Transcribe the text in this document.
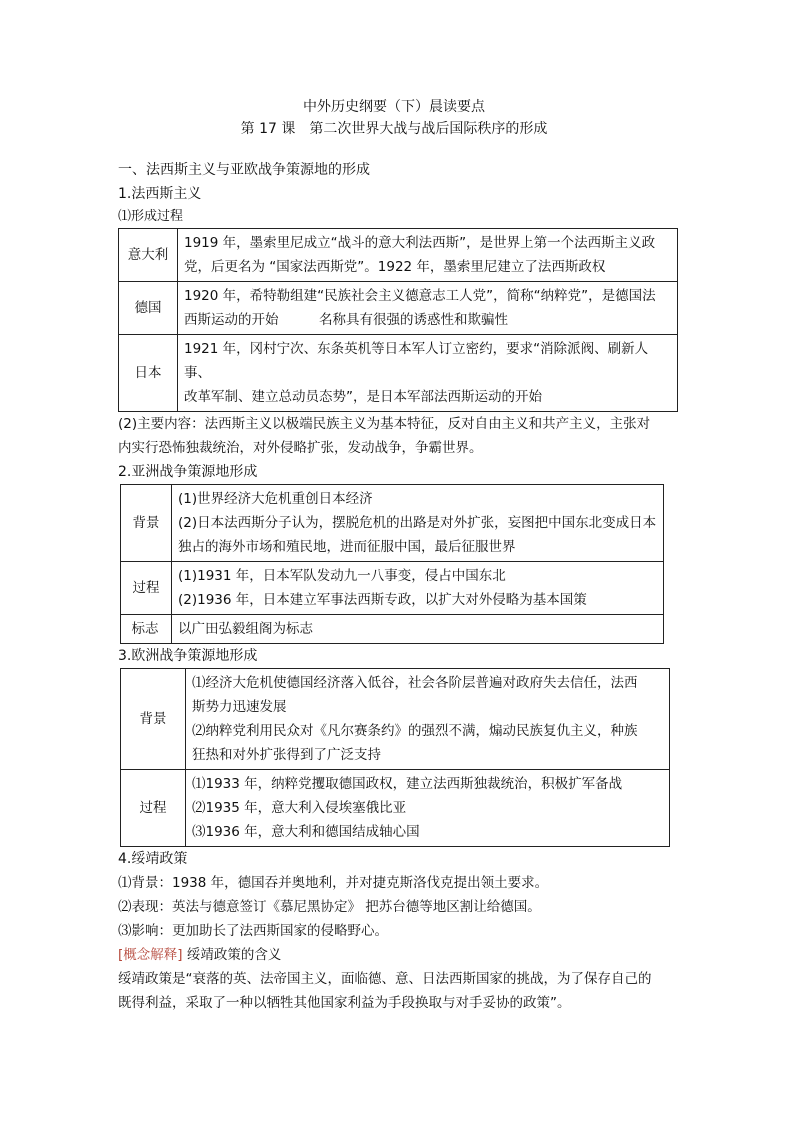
中外历史纲要（下）晨读要点
第 17 课　第二次世界大战与战后国际秩序的形成
一、法西斯主义与亚欧战争策源地的形成
1.法西斯主义
⑴形成过程
意大利	1919 年，墨索里尼成立“战斗的意大利法西斯”，是世界上第一个法西斯主义政
党，后更名为 “国家法西斯党”。1922 年，墨索里尼建立了法西斯政权

德国	1920 年，希特勒组建“民族社会主义德意志工人党”，简称“纳粹党”，是德国法
西斯运动的开始　　　名称具有很强的诱惑性和欺骗性

日本	1921 年，冈村宁次、东条英机等日本军人订立密约，要求“消除派阀、刷新人事、
改革军制、建立总动员态势”，是日本军部法西斯运动的开始
(2)主要内容：法西斯主义以极端民族主义为基本特征，反对自由主义和共产主义，主张对
内实行恐怖独裁统治，对外侵略扩张，发动战争，争霸世界。
2.亚洲战争策源地形成
背景	(1)世界经济大危机重创日本经济
(2)日本法西斯分子认为，摆脱危机的出路是对外扩张，妄图把中国东北变成日本
独占的海外市场和殖民地，进而征服中国，最后征服世界

过程	(1)1931 年，日本军队发动九一八事变，侵占中国东北
(2)1936 年，日本建立军事法西斯专政，以扩大对外侵略为基本国策

标志	以广田弘毅组阁为标志
3.欧洲战争策源地形成
背景	⑴经济大危机使德国经济落入低谷，社会各阶层普遍对政府失去信任，法西
斯势力迅速发展
⑵纳粹党利用民众对《凡尔赛条约》的强烈不满，煽动民族复仇主义，种族
狂热和对外扩张得到了广泛支持

过程	⑴1933 年，纳粹党攫取德国政权，建立法西斯独裁统治，积极扩军备战
⑵1935 年，意大利入侵埃塞俄比亚
⑶1936 年，意大利和德国结成轴心国
4.绥靖政策
⑴背景：1938 年，德国吞并奥地利，并对捷克斯洛伐克提出领土要求。
⑵表现：英法与德意签订《慕尼黑协定》 把苏台德等地区割让给德国。
⑶影响：更加助长了法西斯国家的侵略野心。
[概念解释] 绥靖政策的含义
绥靖政策是“衰落的英、法帝国主义，面临德、意、日法西斯国家的挑战，为了保存自己的
既得利益，采取了一种以牺牲其他国家利益为手段换取与对手妥协的政策”。
